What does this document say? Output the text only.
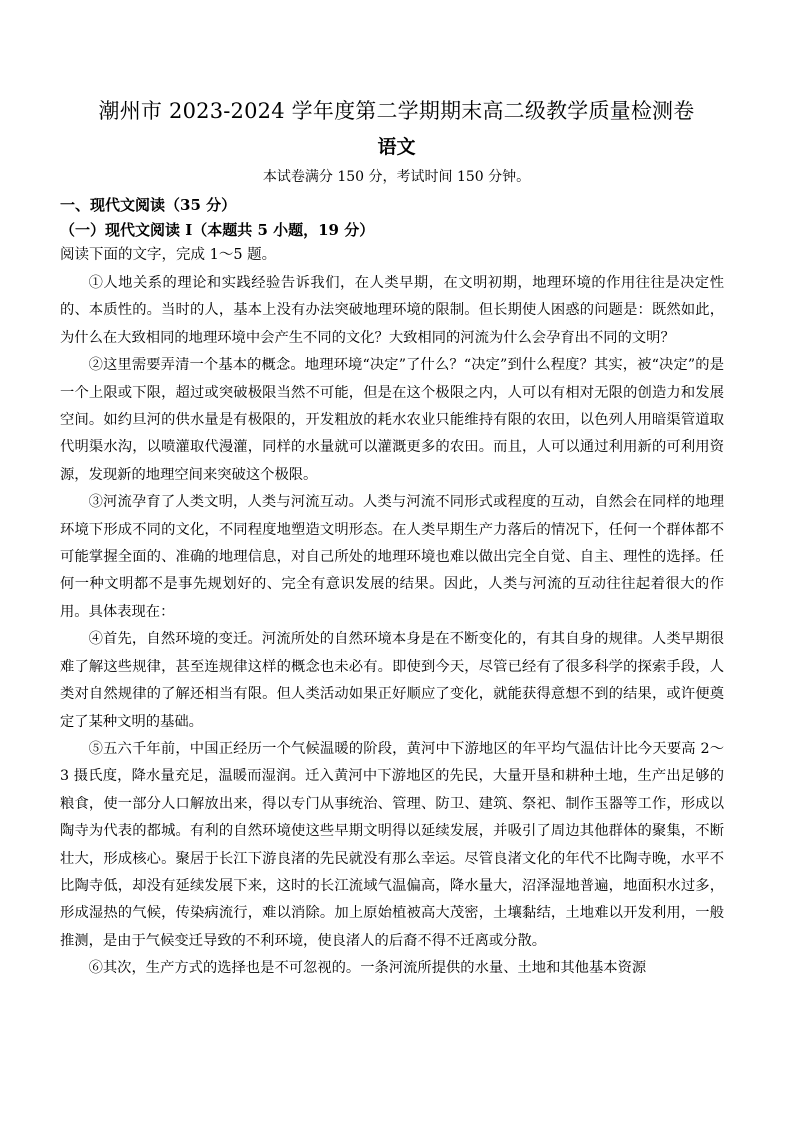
潮州市 2023-2024 学年度第二学期期末高二级教学质量检测卷
语文
本试卷满分 150 分，考试时间 150 分钟。
一、现代文阅读（35 分）
（一）现代文阅读 I（本题共 5 小题，19 分）
阅读下面的文字，完成 1～5 题。

①人地关系的理论和实践经验告诉我们，在人类早期，在文明初期，地理环境的作用往往是决定性的、本质性的。当时的人，基本上没有办法突破地理环境的限制。但长期使人困惑的问题是：既然如此，为什么在大致相同的地理环境中会产生不同的文化？大致相同的河流为什么会孕育出不同的文明？

②这里需要弄清一个基本的概念。地理环境“决定”了什么？“决定”到什么程度？其实，被“决定”的是一个上限或下限，超过或突破极限当然不可能，但是在这个极限之内，人可以有相对无限的创造力和发展空间。如约旦河的供水量是有极限的，开发粗放的耗水农业只能维持有限的农田，以色列人用暗渠管道取代明渠水沟，以喷灌取代漫灌，同样的水量就可以灌溉更多的农田。而且，人可以通过利用新的可利用资源，发现新的地理空间来突破这个极限。

③河流孕育了人类文明，人类与河流互动。人类与河流不同形式或程度的互动，自然会在同样的地理环境下形成不同的文化，不同程度地塑造文明形态。在人类早期生产力落后的情况下，任何一个群体都不可能掌握全面的、准确的地理信息，对自己所处的地理环境也难以做出完全自觉、自主、理性的选择。任何一种文明都不是事先规划好的、完全有意识发展的结果。因此，人类与河流的互动往往起着很大的作用。具体表现在：

④首先，自然环境的变迁。河流所处的自然环境本身是在不断变化的，有其自身的规律。人类早期很难了解这些规律，甚至连规律这样的概念也未必有。即使到今天，尽管已经有了很多科学的探索手段，人类对自然规律的了解还相当有限。但人类活动如果正好顺应了变化，就能获得意想不到的结果，或许便奠定了某种文明的基础。

⑤五六千年前，中国正经历一个气候温暖的阶段，黄河中下游地区的年平均气温估计比今天要高 2～3 摄氏度，降水量充足，温暖而湿润。迁入黄河中下游地区的先民，大量开垦和耕种土地，生产出足够的粮食，使一部分人口解放出来，得以专门从事统治、管理、防卫、建筑、祭祀、制作玉器等工作，形成以陶寺为代表的都城。有利的自然环境使这些早期文明得以延续发展，并吸引了周边其他群体的聚集，不断壮大，形成核心。聚居于长江下游良渚的先民就没有那么幸运。尽管良渚文化的年代不比陶寺晚，水平不比陶寺低，却没有延续发展下来，这时的长江流域气温偏高，降水量大，沼泽湿地普遍，地面积水过多，形成湿热的气候，传染病流行，难以消除。加上原始植被高大茂密，土壤黏结，土地难以开发利用，一般推测，是由于气候变迁导致的不利环境，使良渚人的后裔不得不迁离或分散。

⑥其次，生产方式的选择也是不可忽视的。一条河流所提供的水量、土地和其他基本资源
